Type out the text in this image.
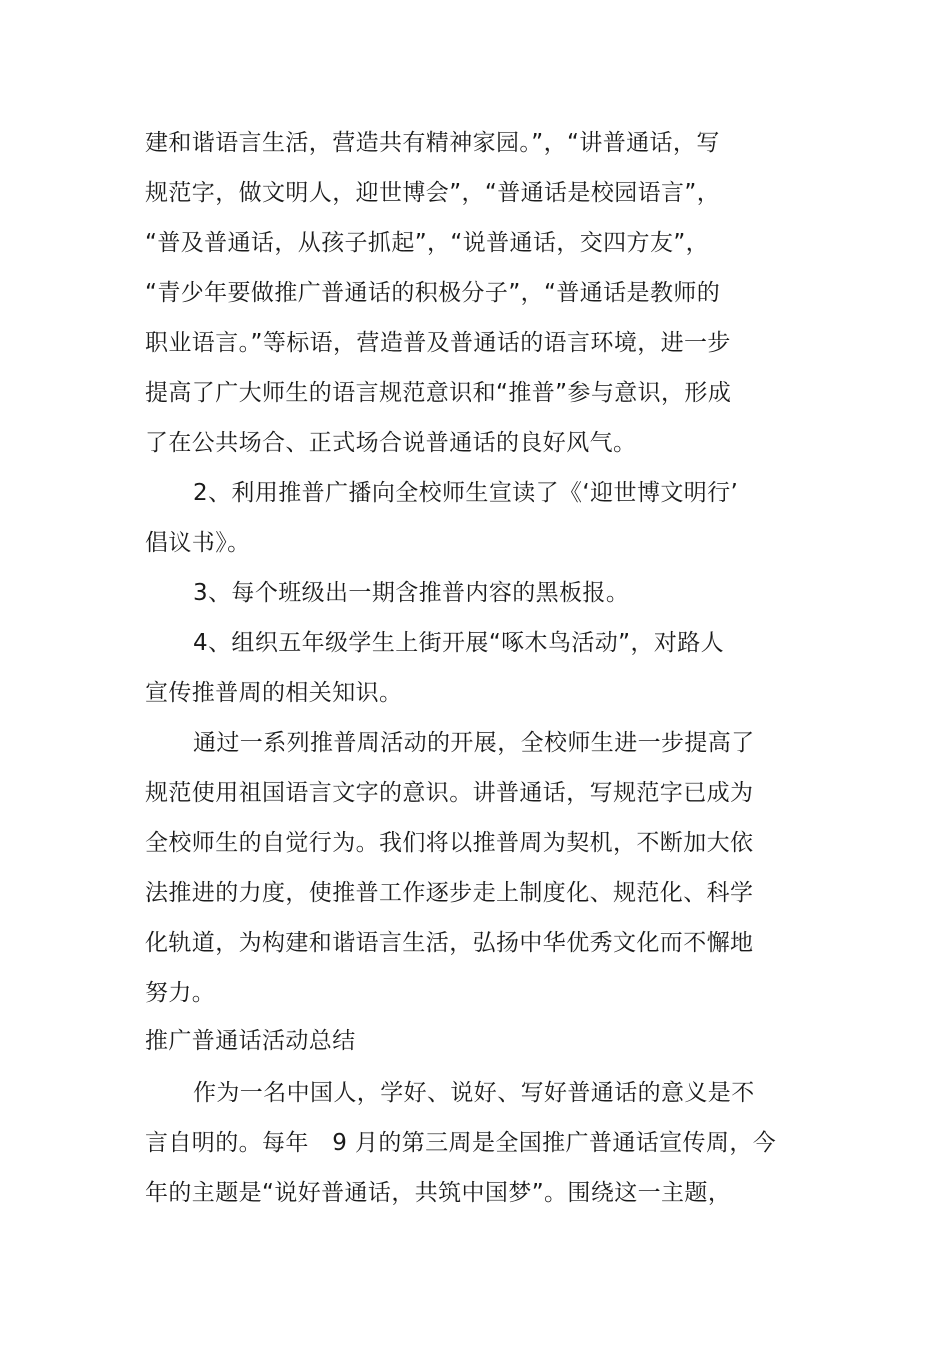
建和谐语言生活，营造共有精神家园。”，“讲普通话，写
规范字，做文明人，迎世博会”，“普通话是校园语言”，
“普及普通话，从孩子抓起”，“说普通话，交四方友”，
“青少年要做推广普通话的积极分子”，“普通话是教师的
职业语言。”等标语，营造普及普通话的语言环境，进一步
提高了广大师生的语言规范意识和“推普”参与意识，形成
了在公共场合、正式场合说普通话的良好风气。
2、利用推普广播向全校师生宣读了《‘迎世博文明行’
倡议书》。
3、每个班级出一期含推普内容的黑板报。
4、组织五年级学生上街开展“啄木鸟活动”，对路人
宣传推普周的相关知识。
通过一系列推普周活动的开展，全校师生进一步提高了
规范使用祖国语言文字的意识。讲普通话，写规范字已成为
全校师生的自觉行为。我们将以推普周为契机，不断加大依
法推进的力度，使推普工作逐步走上制度化、规范化、科学
化轨道，为构建和谐语言生活，弘扬中华优秀文化而不懈地
努力。
推广普通话活动总结
作为一名中国人，学好、说好、写好普通话的意义是不
言自明的。每年　9 月的第三周是全国推广普通话宣传周，今
年的主题是“说好普通话，共筑中国梦”。围绕这一主题，
